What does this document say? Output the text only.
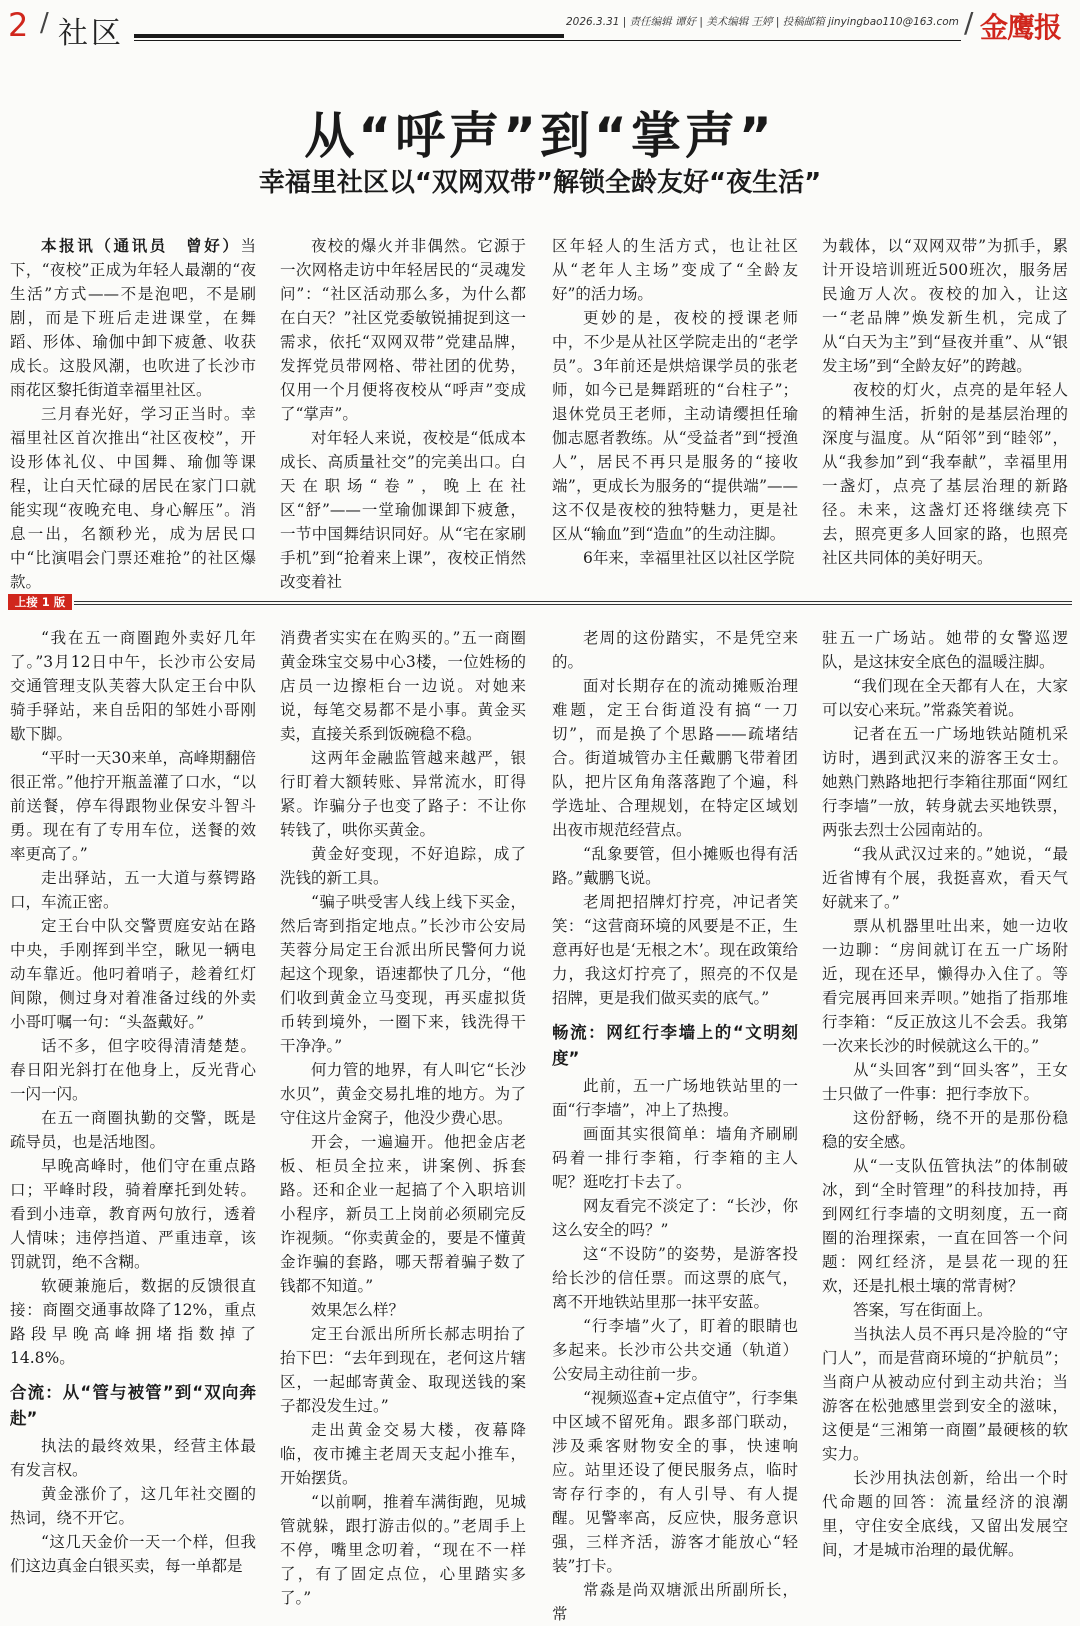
2 / 社区	2026.3.31 | 责任编辑 谭好 | 美术编辑 王婷 | 投稿邮箱 jinyingbao110@163.com / 金鹰报
从“呼声”到“掌声”
幸福里社区以“双网双带”解锁全龄友好“夜生活”

本报讯（通讯员　曾好）当下，“夜校”正成为年轻人最潮的“夜生活”方式——不是泡吧，不是刷剧，而是下班后走进课堂，在舞蹈、形体、瑜伽中卸下疲惫、收获成长。这股风潮，也吹进了长沙市雨花区黎托街道幸福里社区。

三月春光好，学习正当时。幸福里社区首次推出“社区夜校”，开设形体礼仪、中国舞、瑜伽等课程，让白天忙碌的居民在家门口就能实现“夜晚充电、身心解压”。消息一出，名额秒光，成为居民口中“比演唱会门票还难抢”的社区爆款。

夜校的爆火并非偶然。它源于一次网格走访中年轻居民的“灵魂发问”：“社区活动那么多，为什么都在白天？”社区党委敏锐捕捉到这一需求，依托“双网双带”党建品牌，发挥党员带网格、带社团的优势，仅用一个月便将夜校从“呼声”变成了“掌声”。

对年轻人来说，夜校是“低成本成长、高质量社交”的完美出口。白天在职场“卷”，晚上在社区“舒”——一堂瑜伽课卸下疲惫，一节中国舞结识同好。从“宅在家刷手机”到“抢着来上课”，夜校正悄然改变着社

区年轻人的生活方式，也让社区从“老年人主场”变成了“全龄友好”的活力场。

更妙的是，夜校的授课老师中，不少是从社区学院走出的“老学员”。3年前还是烘焙课学员的张老师，如今已是舞蹈班的“台柱子”；退休党员王老师，主动请缨担任瑜伽志愿者教练。从“受益者”到“授渔人”，居民不再只是服务的“接收端”，更成长为服务的“提供端”——这不仅是夜校的独特魅力，更是社区从“输血”到“造血”的生动注脚。

6年来，幸福里社区以社区学院

为载体，以“双网双带”为抓手，累计开设培训班近500班次，服务居民逾万人次。夜校的加入，让这一“老品牌”焕发新生机，完成了从“白天为主”到“昼夜并重”、从“银发主场”到“全龄友好”的跨越。

夜校的灯火，点亮的是年轻人的精神生活，折射的是基层治理的深度与温度。从“陌邻”到“睦邻”，从“我参加”到“我奉献”，幸福里用一盏灯，点亮了基层治理的新路径。未来，这盏灯还将继续亮下去，照亮更多人回家的路，也照亮社区共同体的美好明天。

上接 1 版

“我在五一商圈跑外卖好几年了。”3月12日中午，长沙市公安局交通管理支队芙蓉大队定王台中队骑手驿站，来自岳阳的邹姓小哥刚歇下脚。

“平时一天30来单，高峰期翻倍很正常。”他拧开瓶盖灌了口水，“以前送餐，停车得跟物业保安斗智斗勇。现在有了专用车位，送餐的效率更高了。”

走出驿站，五一大道与蔡锷路口，车流正密。

定王台中队交警贾庭安站在路中央，手刚挥到半空，瞅见一辆电动车靠近。他叼着哨子，趁着红灯间隙，侧过身对着准备过线的外卖小哥叮嘱一句：“头盔戴好。”

话不多，但字咬得清清楚楚。春日阳光斜打在他身上，反光背心一闪一闪。

在五一商圈执勤的交警，既是疏导员，也是活地图。

早晚高峰时，他们守在重点路口；平峰时段，骑着摩托到处转。看到小违章，教育两句放行，透着人情味；违停挡道、严重违章，该罚就罚，绝不含糊。

软硬兼施后，数据的反馈很直接：商圈交通事故降了12%，重点路段早晚高峰拥堵指数掉了14.8%。

合流：从“管与被管”到“双向奔赴”

执法的最终效果，经营主体最有发言权。

黄金涨价了，这几年社交圈的热词，绕不开它。

“这几天金价一天一个样，但我们这边真金白银买卖，每一单都是

消费者实实在在购买的。”五一商圈黄金珠宝交易中心3楼，一位姓杨的店员一边擦柜台一边说。对她来说，每笔交易都不是小事。黄金买卖，直接关系到饭碗稳不稳。

这两年金融监管越来越严，银行盯着大额转账、异常流水，盯得紧。诈骗分子也变了路子：不让你转钱了，哄你买黄金。

黄金好变现，不好追踪，成了洗钱的新工具。

“骗子哄受害人线上线下买金，然后寄到指定地点。”长沙市公安局芙蓉分局定王台派出所民警何力说起这个现象，语速都快了几分，“他们收到黄金立马变现，再买虚拟货币转到境外，一圈下来，钱洗得干干净净。”

何力管的地界，有人叫它“长沙水贝”，黄金交易扎堆的地方。为了守住这片金窝子，他没少费心思。

开会，一遍遍开。他把金店老板、柜员全拉来，讲案例、拆套路。还和企业一起搞了个入职培训小程序，新员工上岗前必须刷完反诈视频。“你卖黄金的，要是不懂黄金诈骗的套路，哪天帮着骗子数了钱都不知道。”

效果怎么样？

定王台派出所所长郝志明抬了抬下巴：“去年到现在，老何这片辖区，一起邮寄黄金、取现送钱的案子都没发生过。”

走出黄金交易大楼，夜幕降临，夜市摊主老周天支起小推车，开始摆货。

“以前啊，推着车满街跑，见城管就躲，跟打游击似的。”老周手上不停，嘴里念叨着，“现在不一样了，有了固定点位，心里踏实多了。”

老周的这份踏实，不是凭空来的。

面对长期存在的流动摊贩治理难题，定王台街道没有搞“一刀切”，而是换了个思路——疏堵结合。街道城管办主任戴鹏飞带着团队，把片区角角落落跑了个遍，科学选址、合理规划，在特定区域划出夜市规范经营点。

“乱象要管，但小摊贩也得有活路。”戴鹏飞说。

老周把招牌灯拧亮，冲记者笑笑：“这营商环境的风要是不正，生意再好也是‘无根之木’。现在政策给力，我这灯拧亮了，照亮的不仅是招牌，更是我们做买卖的底气。”

畅流：网红行李墙上的“文明刻度”

此前，五一广场地铁站里的一面“行李墙”，冲上了热搜。

画面其实很简单：墙角齐刷刷码着一排行李箱，行李箱的主人呢？逛吃打卡去了。

网友看完不淡定了：“长沙，你这么安全的吗？”

这“不设防”的姿势，是游客投给长沙的信任票。而这票的底气，离不开地铁站里那一抹平安蓝。

“行李墙”火了，盯着的眼睛也多起来。长沙市公共交通（轨道）公安局主动往前一步。

“视频巡查+定点值守”，行李集中区域不留死角。跟多部门联动，涉及乘客财物安全的事，快速响应。站里还设了便民服务点，临时寄存行李的，有人引导、有人提醒。见警率高，反应快，服务意识强，三样齐活，游客才能放心“轻装”打卡。

常淼是尚双塘派出所副所长，常

驻五一广场站。她带的女警巡逻队，是这抹安全底色的温暖注脚。

“我们现在全天都有人在，大家可以安心来玩。”常淼笑着说。

记者在五一广场地铁站随机采访时，遇到武汉来的游客王女士。她熟门熟路地把行李箱往那面“网红行李墙”一放，转身就去买地铁票，两张去烈士公园南站的。

“我从武汉过来的。”她说，“最近省博有个展，我挺喜欢，看天气好就来了。”

票从机器里吐出来，她一边收一边聊：“房间就订在五一广场附近，现在还早，懒得办入住了。等看完展再回来弄呗。”她指了指那堆行李箱：“反正放这儿不会丢。我第一次来长沙的时候就这么干的。”

从“头回客”到“回头客”，王女士只做了一件事：把行李放下。

这份舒畅，绕不开的是那份稳稳的安全感。

从“一支队伍管执法”的体制破冰，到“全时管理”的科技加持，再到网红行李墙的文明刻度，五一商圈的治理探索，一直在回答一个问题：网红经济，是昙花一现的狂欢，还是扎根土壤的常青树？

答案，写在街面上。

当执法人员不再只是冷脸的“守门人”，而是营商环境的“护航员”；当商户从被动应付到主动共治；当游客在松弛感里尝到安全的滋味，这便是“三湘第一商圈”最硬核的软实力。

长沙用执法创新，给出一个时代命题的回答：流量经济的浪潮里，守住安全底线，又留出发展空间，才是城市治理的最优解。
